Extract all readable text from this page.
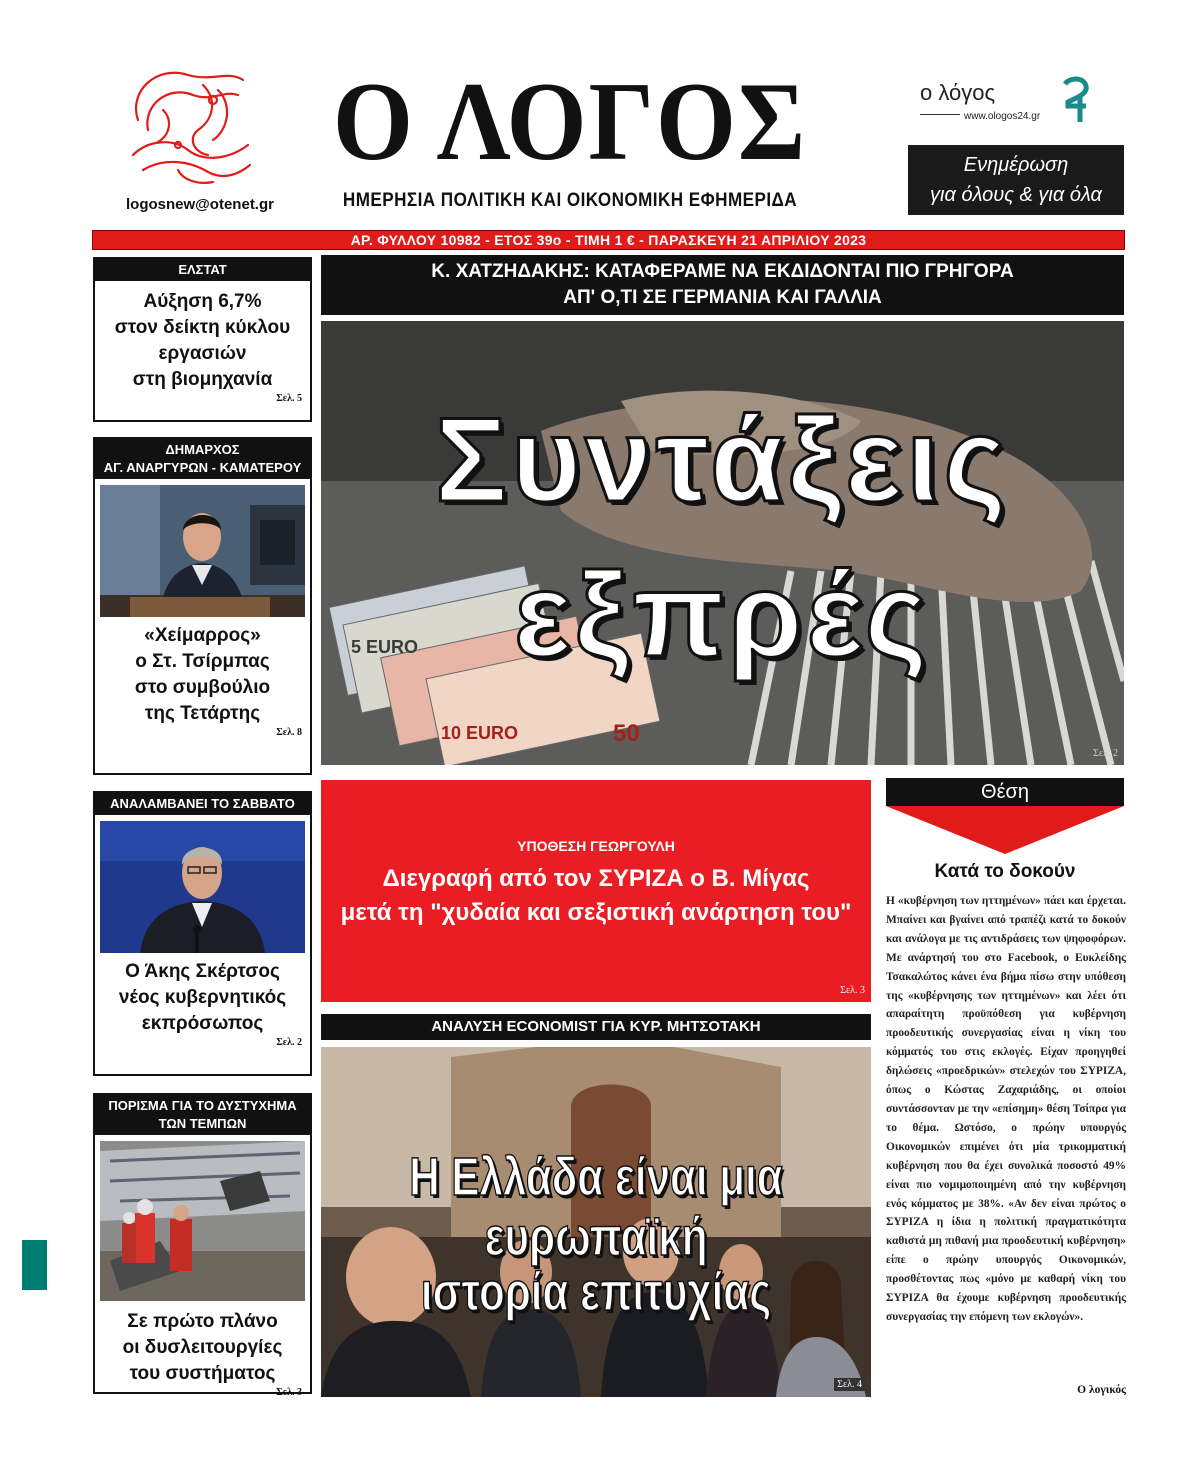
logosnew@otenet.gr
Ο ΛΟΓΟΣ
ΗΜΕΡΗΣΙΑ ΠΟΛΙΤΙΚΗ ΚΑΙ ΟΙΚΟΝΟΜΙΚΗ ΕΦΗΜΕΡΙΔΑ
ο λόγος
www.ologos24.gr
Ενημέρωση
για όλους & για όλα
ΑΡ. ΦΥΛΛΟΥ 10982 - ΕΤΟΣ 39ο - ΤΙΜΗ 1 € - ΠΑΡΑΣΚΕΥΗ 21 ΑΠΡΙΛΙΟΥ 2023
ΕΛΣΤΑΤ
Αύξηση 6,7%
στον δείκτη κύκλου
εργασιών
στη βιομηχανία
Σελ. 5
ΔΗΜΑΡΧΟΣ
ΑΓ. ΑΝΑΡΓΥΡΩΝ - ΚΑΜΑΤΕΡΟΥ
«Χείμαρρος»
ο Στ. Τσίρμπας
στο συμβούλιο
της Τετάρτης
Σελ. 8
ΑΝΑΛΑΜΒΑΝΕΙ ΤΟ ΣΑΒΒΑΤΟ
Ο Άκης Σκέρτσος
νέος κυβερνητικός
εκπρόσωπος
Σελ. 2
ΠΟΡΙΣΜΑ ΓΙΑ ΤΟ ΔΥΣΤΥΧΗΜΑ
ΤΩΝ ΤΕΜΠΩΝ
Σε πρώτο πλάνο
οι δυσλειτουργίες
του συστήματος
Σελ. 3
Κ. ΧΑΤΖΗΔΑΚΗΣ: ΚΑΤΑΦΕΡΑΜΕ ΝΑ ΕΚΔΙΔΟΝΤΑΙ ΠΙΟ ΓΡΗΓΟΡΑ
ΑΠ' Ο,ΤΙ ΣΕ ΓΕΡΜΑΝΙΑ ΚΑΙ ΓΑΛΛΙΑ
5 EURO
10 EURO	50
Συντάξεις
εξπρές
Σελ. 2
ΥΠΟΘΕΣΗ ΓΕΩΡΓΟΥΛΗ
Διεγραφή από τον ΣΥΡΙΖΑ ο Β. Μίγας
μετά τη "χυδαία και σεξιστική ανάρτηση του"
Σελ. 3
ΑΝΑΛΥΣΗ ECONOMIST ΓΙΑ ΚΥΡ. ΜΗΤΣΟΤΑΚΗ
Η Ελλάδα είναι μια ευρωπαϊκή
ιστορία επιτυχίας
Σελ. 4
Θέση
Κατά το δοκούν
Η «κυβέρνηση των ηττημένων» πάει και έρχεται. Μπαίνει και βγαίνει από τραπέζι κατά το δοκούν και ανάλογα με τις αντιδράσεις των ψηφοφόρων. Με ανάρτησή του στο Facebook, ο Ευκλείδης Τσακαλώτος κάνει ένα βήμα πίσω στην υπόθεση της «κυβέρνησης των ηττημένων» και λέει ότι απαραίτητη προϋπόθεση για κυβέρνηση προοδευτικής συνεργασίας είναι η νίκη του κόμματός του στις εκλογές. Είχαν προηγηθεί δηλώσεις «προεδρικών» στελεχών του ΣΥΡΙΖΑ, όπως ο Κώστας Ζαχαριάδης, οι οποίοι συντάσσονταν με την «επίσημη» θέση Τσίπρα για το θέμα. Ωστόσο, ο πρώην υπουργός Οικονομικών επιμένει ότι μία τρικομματική κυβέρνηση που θα έχει συνολικά ποσοστό 49% είναι πιο νομιμοποιημένη από την κυβέρνηση ενός κόμματος με 38%. «Αν δεν είναι πρώτος ο ΣΥΡΙΖΑ η ίδια η πολιτική πραγματικότητα καθιστά μη πιθανή μια προοδευτική κυβέρνηση» είπε ο πρώην υπουργός Οικονομικών, προσθέτοντας πως «μόνο με καθαρή νίκη του ΣΥΡΙΖΑ θα έχουμε κυβέρνηση προοδευτικής συνεργασίας την επόμενη των εκλογών».
Ο λογικός
